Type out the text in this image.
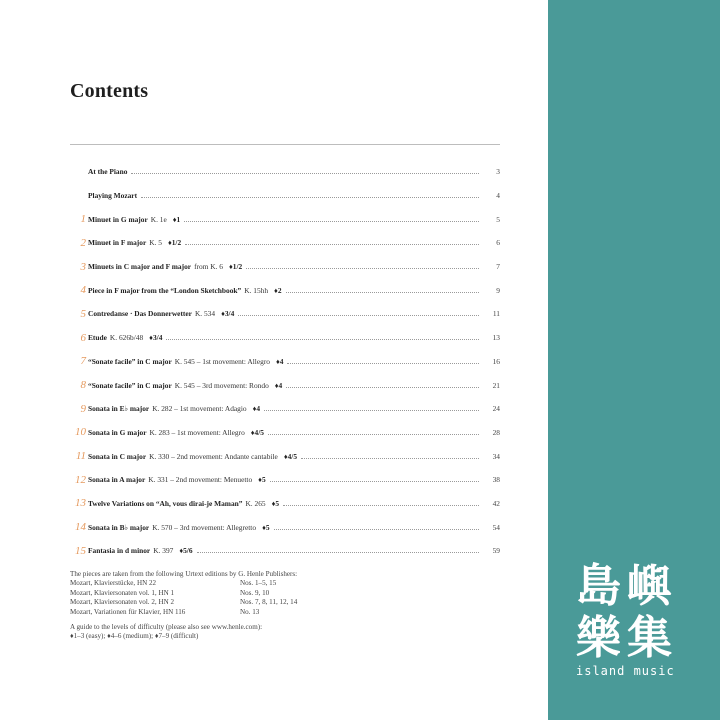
Contents
At the Piano	3
Playing Mozart	4
1 Minuet in G major K. 1e ♦1	5
2 Minuet in F major K. 5 ♦1/2	6
3 Minuets in C major and F major from K. 6 ♦1/2	7
4 Piece in F major from the “London Sketchbook” K. 15hh ♦2	9
5 Contredanse · Das Donnerwetter K. 534 ♦3/4	11
6 Etude K. 626b/48 ♦3/4	13
7 “Sonate facile” in C major K. 545 – 1st movement: Allegro ♦4	16
8 “Sonate facile” in C major K. 545 – 3rd movement: Rondo ♦4	21
9 Sonata in E♭ major K. 282 – 1st movement: Adagio ♦4	24
10 Sonata in G major K. 283 – 1st movement: Allegro ♦4/5	28
11 Sonata in C major K. 330 – 2nd movement: Andante cantabile ♦4/5	34
12 Sonata in A major K. 331 – 2nd movement: Menuetto ♦5	38
13 Twelve Variations on “Ah, vous dirai-je Maman” K. 265 ♦5	42
14 Sonata in B♭ major K. 570 – 3rd movement: Allegretto ♦5	54
15 Fantasia in d minor K. 397 ♦5/6	59
The pieces are taken from the following Urtext editions by G. Henle Publishers:
Mozart, Klavierstücke, HN 22	Nos. 1–5, 15
Mozart, Klaviersonaten vol. 1, HN 1	Nos. 9, 10
Mozart, Klaviersonaten vol. 2, HN 2	Nos. 7, 8, 11, 12, 14
Mozart, Variationen für Klavier, HN 116	No. 13
A guide to the levels of difficulty (please also see www.henle.com):
♦1–3 (easy); ♦4–6 (medium); ♦7–9 (difficult)
島嶼
樂集
island music
